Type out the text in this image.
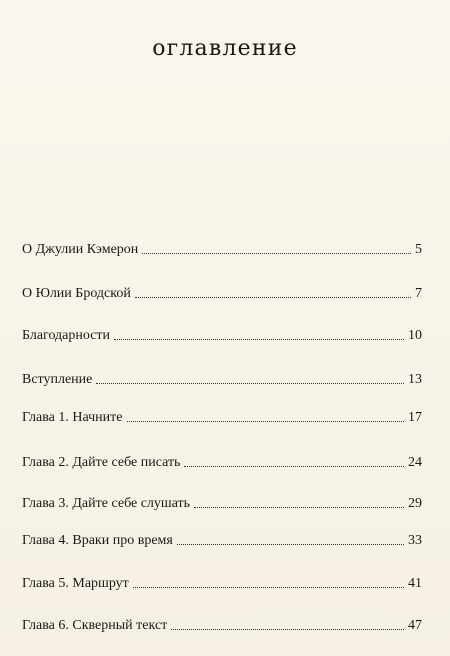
оглавление
О Джулии Кэмерон	5
О Юлии Бродской	7
Благодарности	10
Вступление	13
Глава 1. Начните	17
Глава 2. Дайте себе писать	24
Глава 3. Дайте себе слушать	29
Глава 4. Враки про время	33
Глава 5. Маршрут	41
Глава 6. Скверный текст	47
